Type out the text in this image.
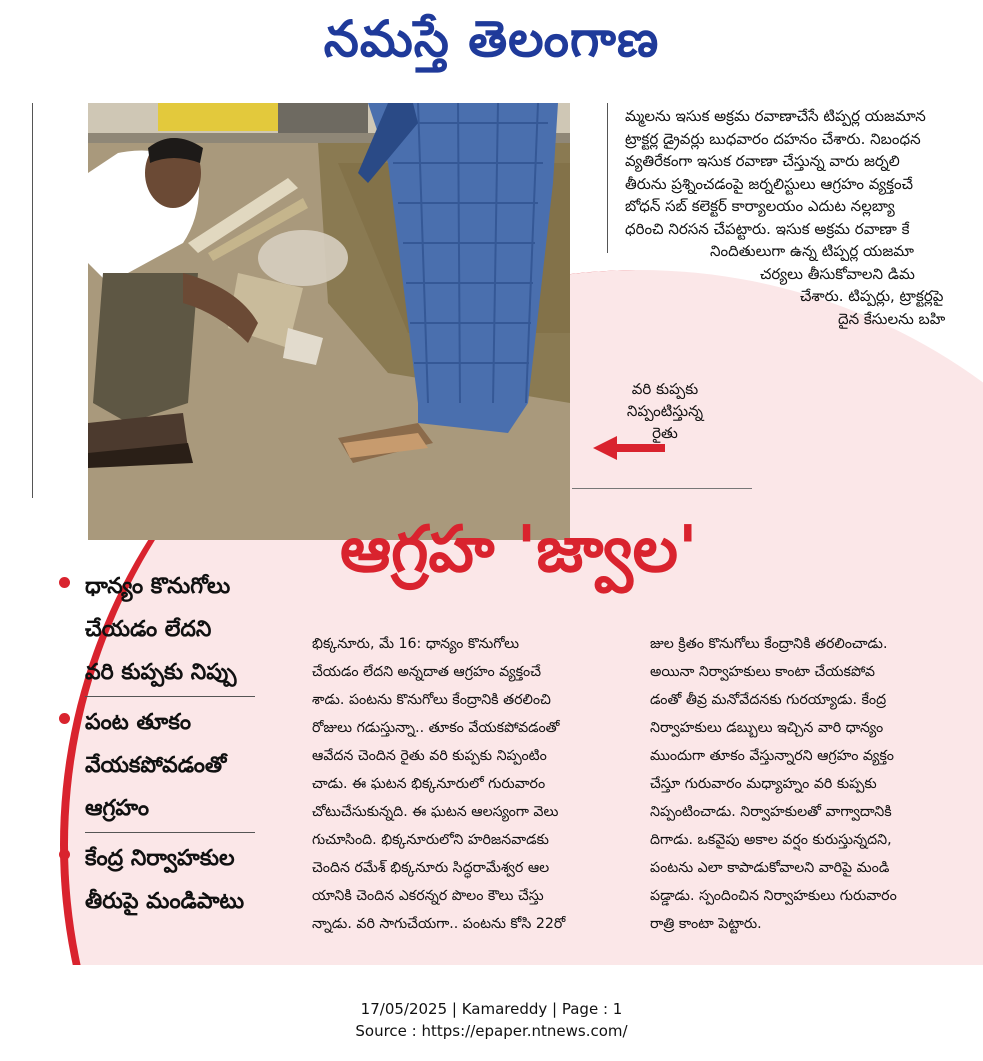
నమస్తే తెలంగాణ
మ్మలను ఇసుక అక్రమ రవాణాచేసే టిప్పర్ల యజమాన
ట్రాక్టర్ల డ్రైవర్లు బుధవారం దహనం చేశారు. నిబంధన
వ్యతిరేకంగా ఇసుక రవాణా చేస్తున్న వారు జర్నలి
తీరును ప్రశ్నించడంపై జర్నలిస్టులు ఆగ్రహం వ్యక్తంచే
బోధన్ సబ్ కలెక్టర్ కార్యాలయం ఎదుట నల్లబ్యా
ధరించి నిరసన చేపట్టారు. ఇసుక అక్రమ రవాణా కే
నిందితులుగా ఉన్న టిప్పర్ల యజమా
చర్యలు తీసుకోవాలని డిమ
చేశారు. టిప్పర్లు, ట్రాక్టర్లపై
దైన కేసులను బహి
వరి కుప్పకు
నిప్పంటిస్తున్న
రైతు
ఆగ్రహ 'జ్వాల'
ధాన్యం కొనుగోలు
చేయడం లేదని
వరి కుప్పకు నిప్పు
పంట తూకం
వేయకపోవడంతో
ఆగ్రహం
కేంద్ర నిర్వాహకుల
తీరుపై మండిపాటు
భిక్కనూరు, మే 16: ధాన్యం కొనుగోలు
చేయడం లేదని అన్నదాత ఆగ్రహం వ్యక్తంచే
శాడు. పంటను కొనుగోలు కేంద్రానికి తరలించి
రోజులు గడుస్తున్నా.. తూకం వేయకపోవడంతో
ఆవేదన చెందిన రైతు వరి కుప్పకు నిప్పంటిం
చాడు. ఈ ఘటన భిక్కనూరులో గురువారం
చోటుచేసుకున్నది. ఈ ఘటన ఆలస్యంగా వెలు
గుచూసింది. భిక్కనూరులోని హరిజనవాడకు
చెందిన రమేశ్ భిక్కనూరు సిద్ధరామేశ్వర ఆల
యానికి చెందిన ఎకరన్నర పొలం కౌలు చేస్తు
న్నాడు. వరి సాగుచేయగా.. పంటను కోసి 22రో
జుల క్రితం కొనుగోలు కేంద్రానికి తరలించాడు.
అయినా నిర్వాహకులు కాంటా చేయకపోవ
డంతో తీవ్ర మనోవేదనకు గురయ్యాడు. కేంద్ర
నిర్వాహకులు డబ్బులు ఇచ్చిన వారి ధాన్యం
ముందుగా తూకం వేస్తున్నారని ఆగ్రహం వ్యక్తం
చేస్తూ గురువారం మధ్యాహ్నం వరి కుప్పకు
నిప్పంటించాడు. నిర్వాహకులతో వాగ్వాదానికి
దిగాడు. ఒకవైపు అకాల వర్షం కురుస్తున్నదని,
పంటను ఎలా కాపాడుకోవాలని వారిపై మండి
పడ్డాడు. స్పందించిన నిర్వాహకులు గురువారం
రాత్రి కాంటా పెట్టారు.
17/05/2025 | Kamareddy | Page : 1
Source : https://epaper.ntnews.com/
